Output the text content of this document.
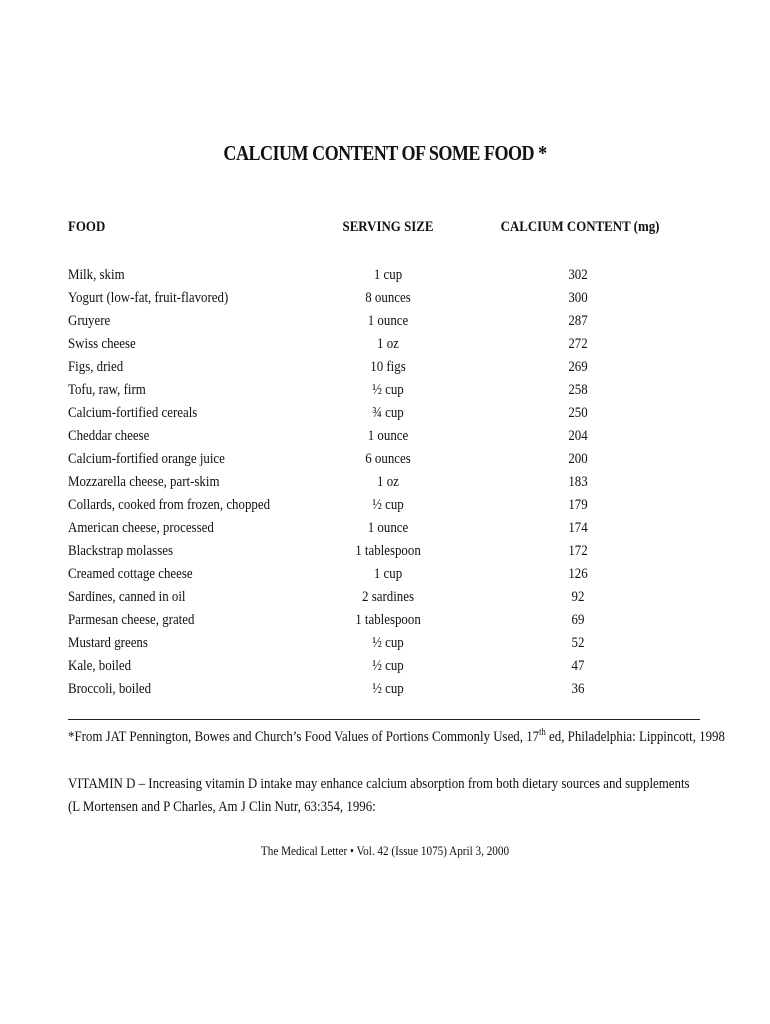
CALCIUM CONTENT OF SOME FOOD *
FOOD	SERVING SIZE	CALCIUM CONTENT (mg)
Milk, skim	1 cup	302
Yogurt (low-fat, fruit-flavored)	8 ounces	300
Gruyere	1 ounce	287
Swiss cheese	1 oz	272
Figs, dried	10 figs	269
Tofu, raw, firm	½ cup	258
Calcium-fortified cereals	¾ cup	250
Cheddar cheese	1 ounce	204
Calcium-fortified orange juice	6 ounces	200
Mozzarella cheese, part-skim	1 oz	183
Collards, cooked from frozen, chopped	½ cup	179
American cheese, processed	1 ounce	174
Blackstrap molasses	1 tablespoon	172
Creamed cottage cheese	1 cup	126
Sardines, canned in oil	2 sardines	92
Parmesan cheese, grated	1 tablespoon	69
Mustard greens	½ cup	52
Kale, boiled	½ cup	47
Broccoli, boiled	½ cup	36
*From JAT Pennington, Bowes and Church’s Food Values of Portions Commonly Used, 17th ed, Philadelphia: Lippincott, 1998
VITAMIN D – Increasing vitamin D intake may enhance calcium absorption from both dietary sources and supplements (L Mortensen and P Charles, Am J Clin Nutr, 63:354, 1996:
The Medical Letter • Vol. 42 (Issue 1075) April 3, 2000
